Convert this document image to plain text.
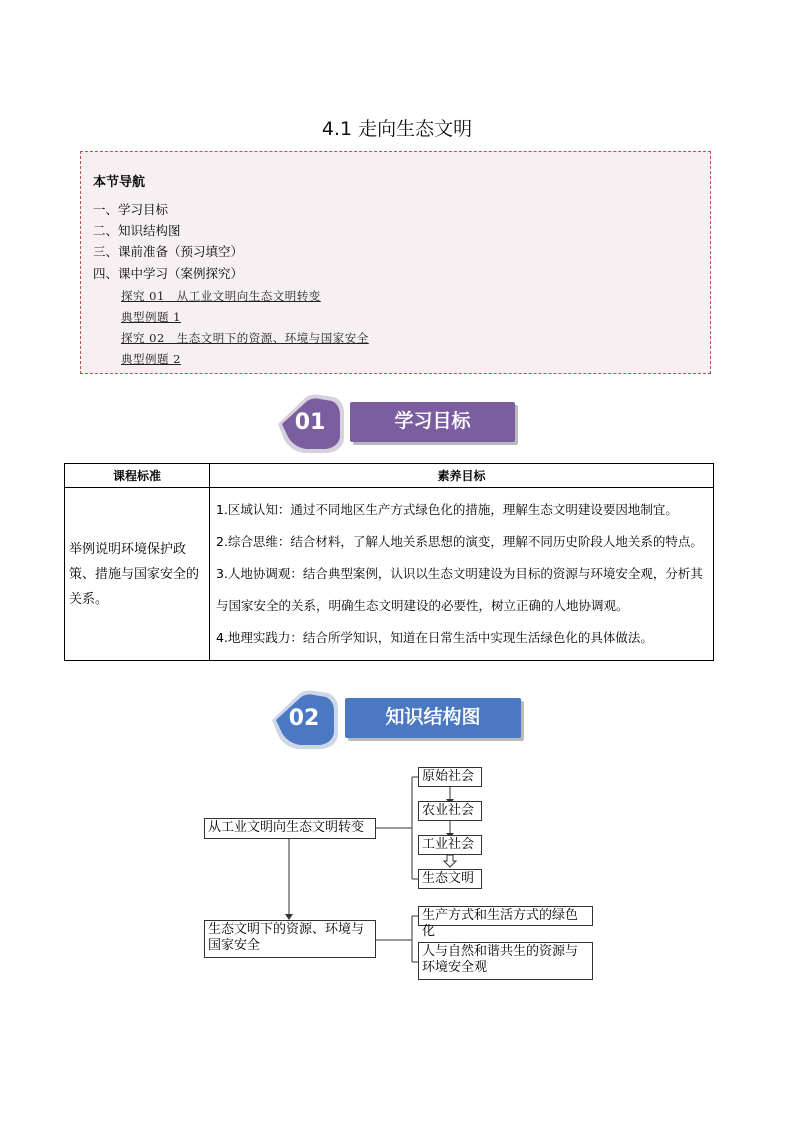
4.1 走向生态文明
本节导航
一、学习目标
二、知识结构图
三、课前准备（预习填空）
四、课中学习（案例探究）
探究 01　从工业文明向生态文明转变
典型例题 1
探究 02　生态文明下的资源、环境与国家安全
典型例题 2
01	学习目标
课程标准	素养目标
举例说明环境保护政策、措施与国家安全的关系。	1.区域认知：通过不同地区生产方式绿色化的措施，理解生态文明建设要因地制宜。

2.综合思维：结合材料，了解人地关系思想的演变，理解不同历史阶段人地关系的特点。

3.人地协调观：结合典型案例，认识以生态文明建设为目标的资源与环境安全观，分析其与国家安全的关系，明确生态文明建设的必要性，树立正确的人地协调观。

4.地理实践力：结合所学知识，知道在日常生活中实现生活绿色化的具体做法。

02	知识结构图
从工业文明向生态文明转变
原始社会
农业社会
工业社会
生态文明
生态文明下的资源、环境与国家安全
生产方式和生活方式的绿色化
人与自然和谐共生的资源与环境安全观
